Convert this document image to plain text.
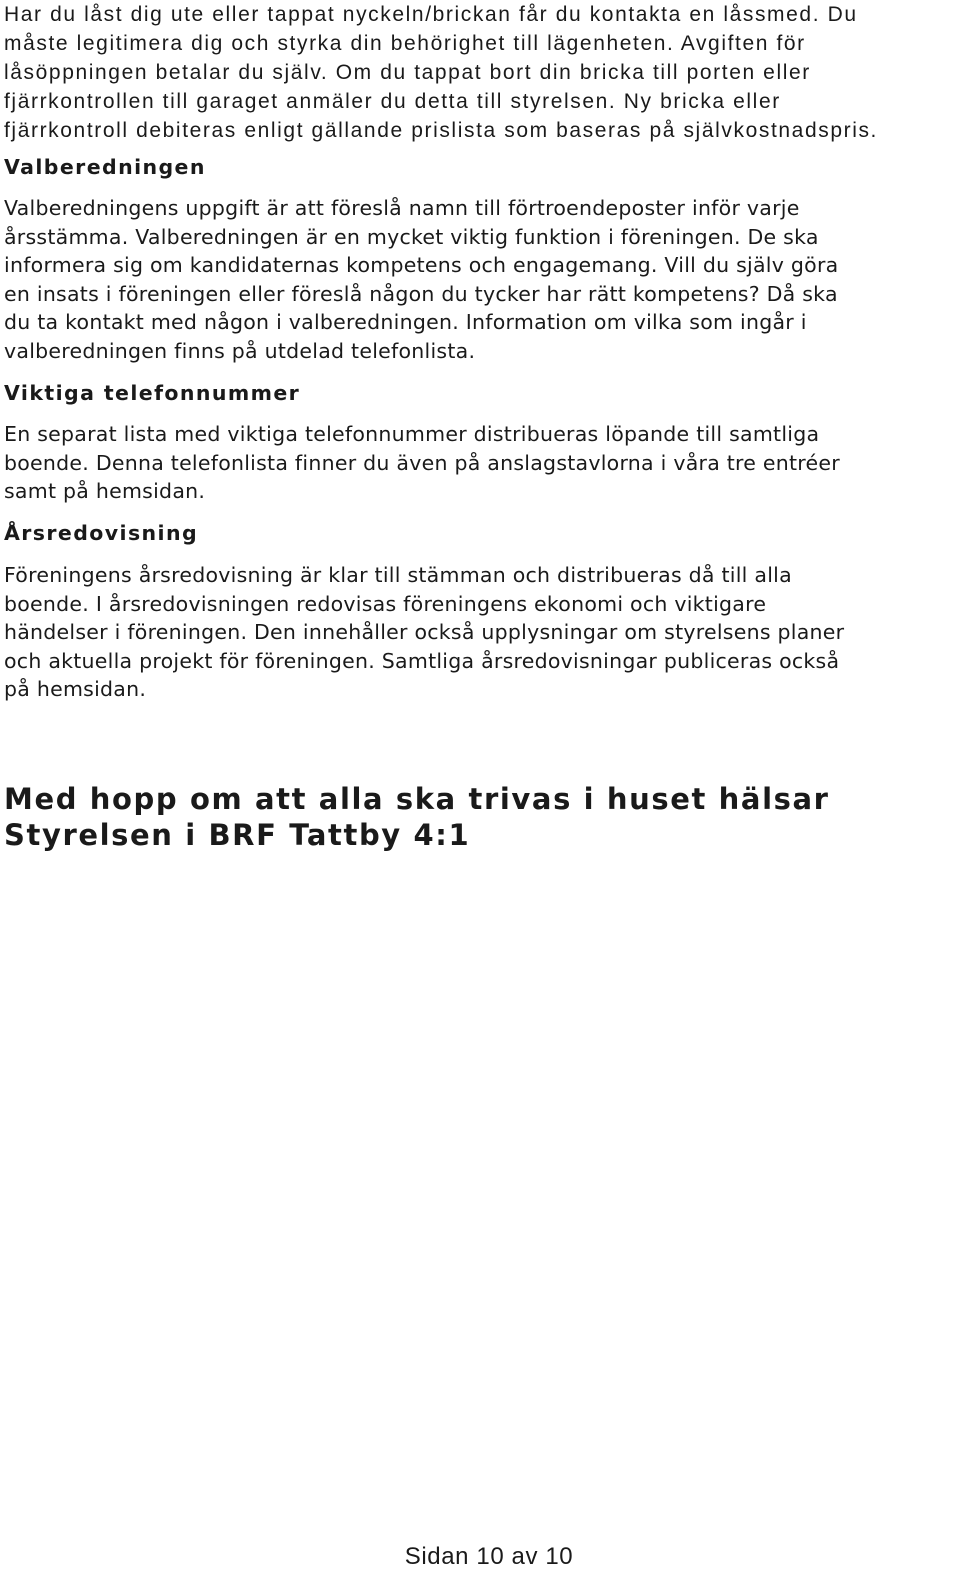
Har du låst dig ute eller tappat nyckeln/brickan får du kontakta en låssmed. Du
måste legitimera dig och styrka din behörighet till lägenheten. Avgiften för
låsöppningen betalar du själv. Om du tappat bort din bricka till porten eller
fjärrkontrollen till garaget anmäler du detta till styrelsen. Ny bricka eller
fjärrkontroll debiteras enligt gällande prislista som baseras på självkostnadspris.
Valberedningen
Valberedningens uppgift är att föreslå namn till förtroendeposter inför varje
årsstämma. Valberedningen är en mycket viktig funktion i föreningen. De ska
informera sig om kandidaternas kompetens och engagemang. Vill du själv göra
en insats i föreningen eller föreslå någon du tycker har rätt kompetens? Då ska
du ta kontakt med någon i valberedningen. Information om vilka som ingår i
valberedningen finns på utdelad telefonlista.
Viktiga telefonnummer
En separat lista med viktiga telefonnummer distribueras löpande till samtliga
boende. Denna telefonlista finner du även på anslagstavlorna i våra tre entréer
samt på hemsidan.
Årsredovisning
Föreningens årsredovisning är klar till stämman och distribueras då till alla
boende. I årsredovisningen redovisas föreningens ekonomi och viktigare
händelser i föreningen. Den innehåller också upplysningar om styrelsens planer
och aktuella projekt för föreningen. Samtliga årsredovisningar publiceras också
på hemsidan.
Med hopp om att alla ska trivas i huset hälsar
Styrelsen i BRF Tattby 4:1
Sidan 10 av 10
